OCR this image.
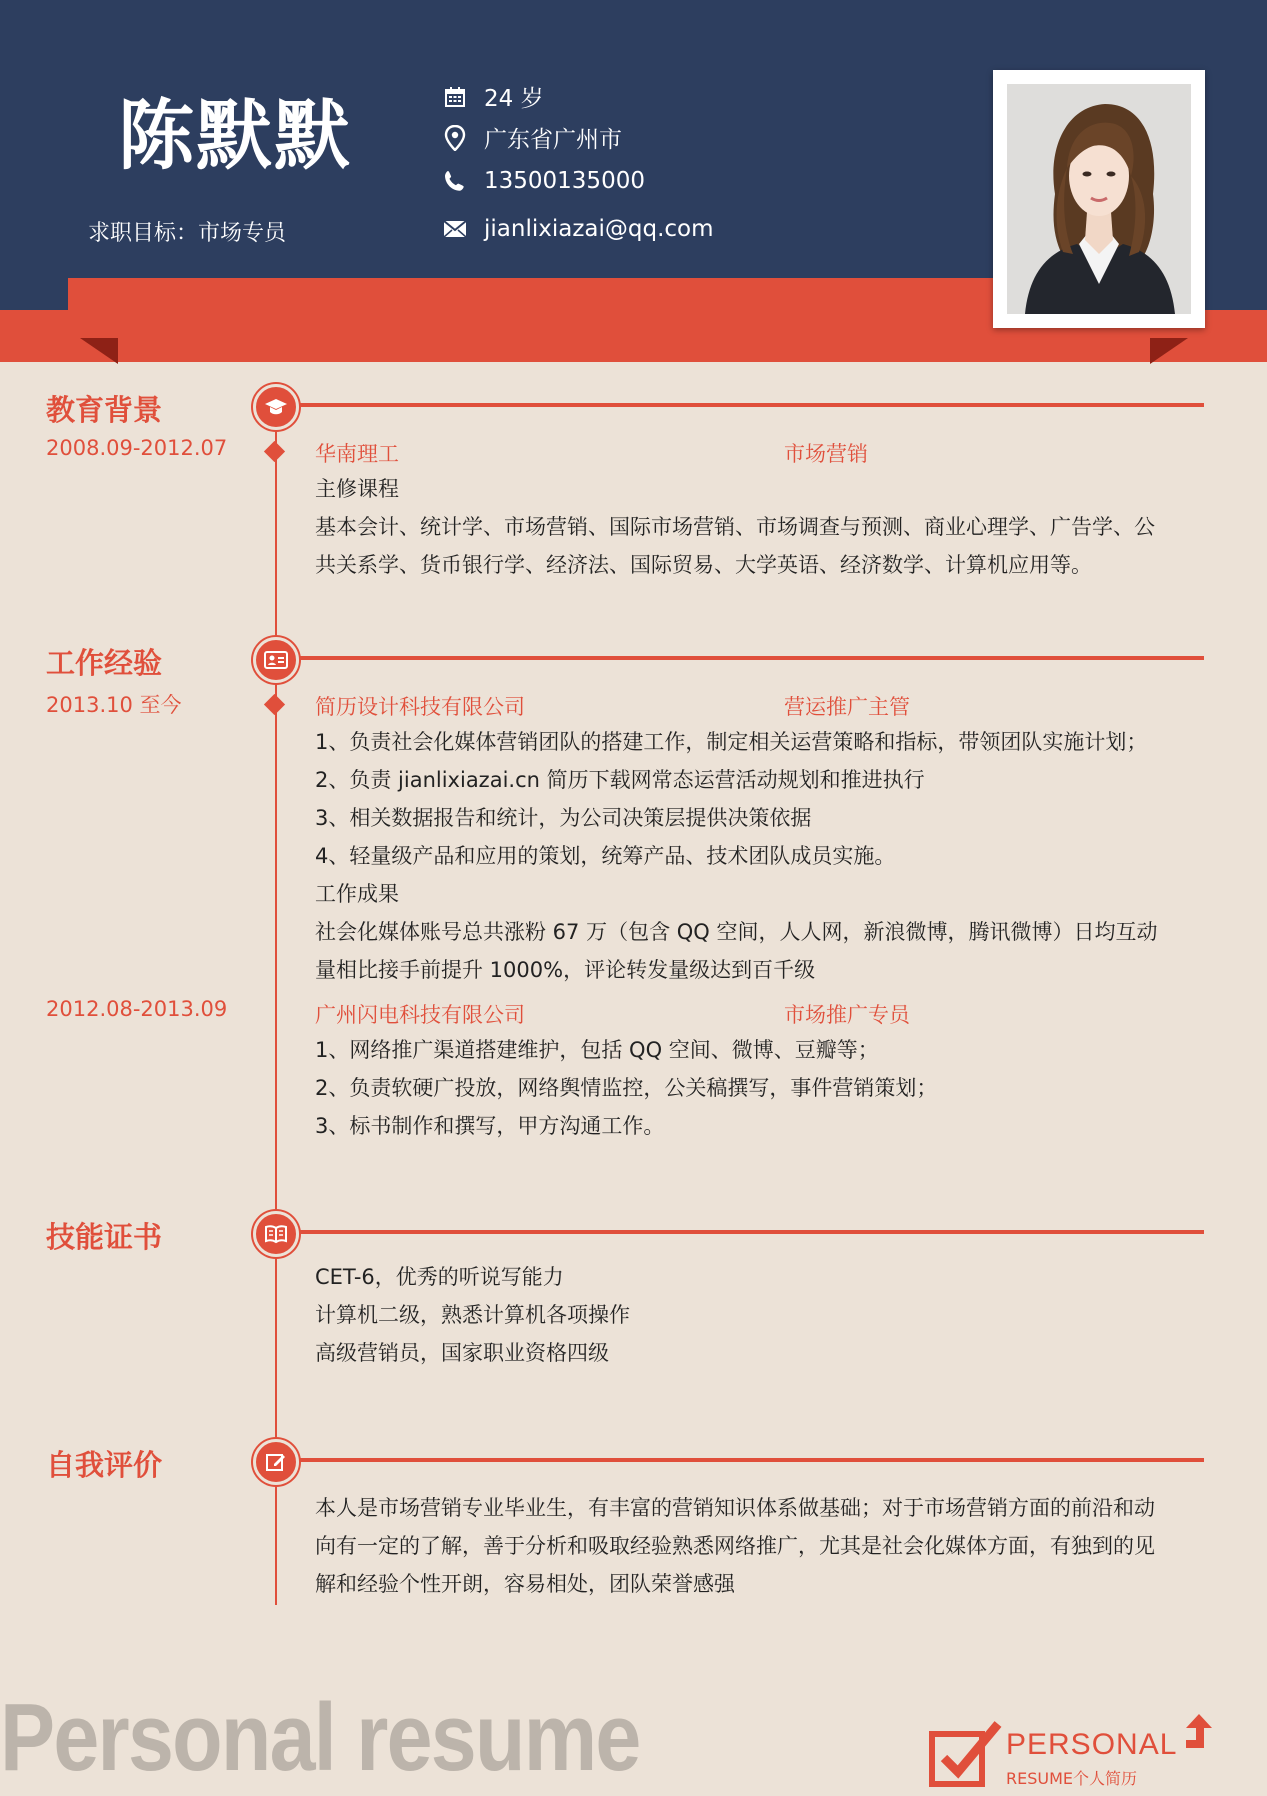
陈默默
求职目标：市场专员
24 岁
广东省广州市
13500135000
jianlixiazai@qq.com
教育背景
2008.09-2012.07	华南理工	市场营销
主修课程
基本会计、统计学、市场营销、国际市场营销、市场调查与预测、商业心理学、广告学、公
共关系学、货币银行学、经济法、国际贸易、大学英语、经济数学、计算机应用等。
工作经验
2013.10 至今	简历设计科技有限公司	营运推广主管
1、负责社会化媒体营销团队的搭建工作，制定相关运营策略和指标，带领团队实施计划；
2、负责 jianlixiazai.cn 简历下载网常态运营活动规划和推进执行
3、相关数据报告和统计，为公司决策层提供决策依据
4、轻量级产品和应用的策划，统筹产品、技术团队成员实施。
工作成果
社会化媒体账号总共涨粉 67 万（包含 QQ 空间，人人网，新浪微博，腾讯微博）日均互动
量相比接手前提升 1000%，评论转发量级达到百千级
2012.08-2013.09	广州闪电科技有限公司	市场推广专员
1、网络推广渠道搭建维护，包括 QQ 空间、微博、豆瓣等；
2、负责软硬广投放，网络舆情监控，公关稿撰写，事件营销策划；
3、标书制作和撰写，甲方沟通工作。
技能证书
CET-6，优秀的听说写能力
计算机二级，熟悉计算机各项操作
高级营销员，国家职业资格四级
自我评价
本人是市场营销专业毕业生，有丰富的营销知识体系做基础；对于市场营销方面的前沿和动
向有一定的了解，善于分析和吸取经验熟悉网络推广，尤其是社会化媒体方面，有独到的见
解和经验个性开朗，容易相处，团队荣誉感强
Personal resume	PERSONAL
RESUME个人简历
